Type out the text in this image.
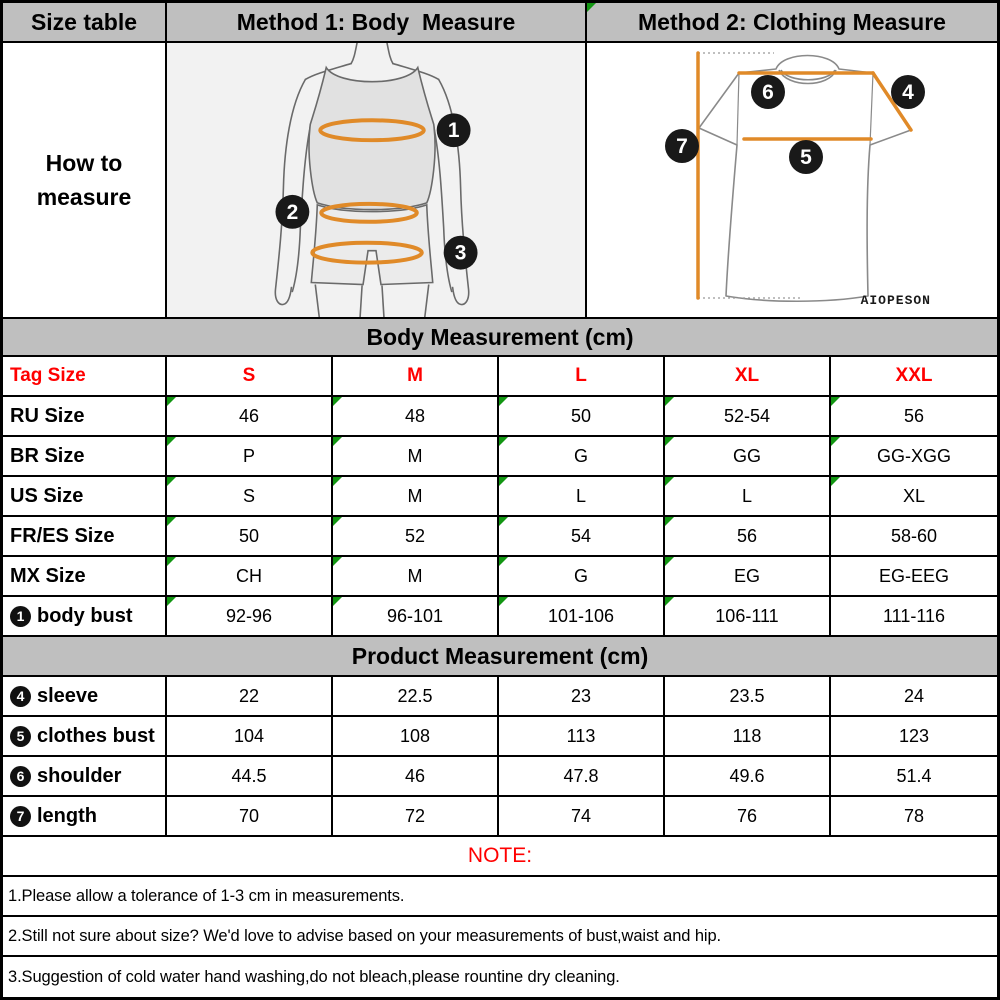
Size table	Method 1: Body  Measure	Method 2: Clothing Measure
How to
measure
1
2
3
4
5
6
7
AIOPESON
Body Measurement (cm)
Tag Size	S	M	L	XL	XXL
RU Size	46	48	50	52-54	56
BR Size	P	M	G	GG	GG-XGG
US Size	S	M	L	L	XL
FR/ES Size	50	52	54	56	58-60
MX Size	CH	M	G	EG	EG-EEG
1 body bust	92-96	96-101	101-106	106-111	111-116
Product Measurement (cm)
4 sleeve	22	22.5	23	23.5	24
5 clothes bust	104	108	113	118	123
6 shoulder	44.5	46	47.8	49.6	51.4
7 length	70	72	74	76	78
NOTE:
1.Please allow a tolerance of 1-3 cm in measurements.
2.Still not sure about size? We'd love to advise based on your measurements of bust,waist and hip.
3.Suggestion of cold water hand washing,do not bleach,please rountine dry cleaning.
